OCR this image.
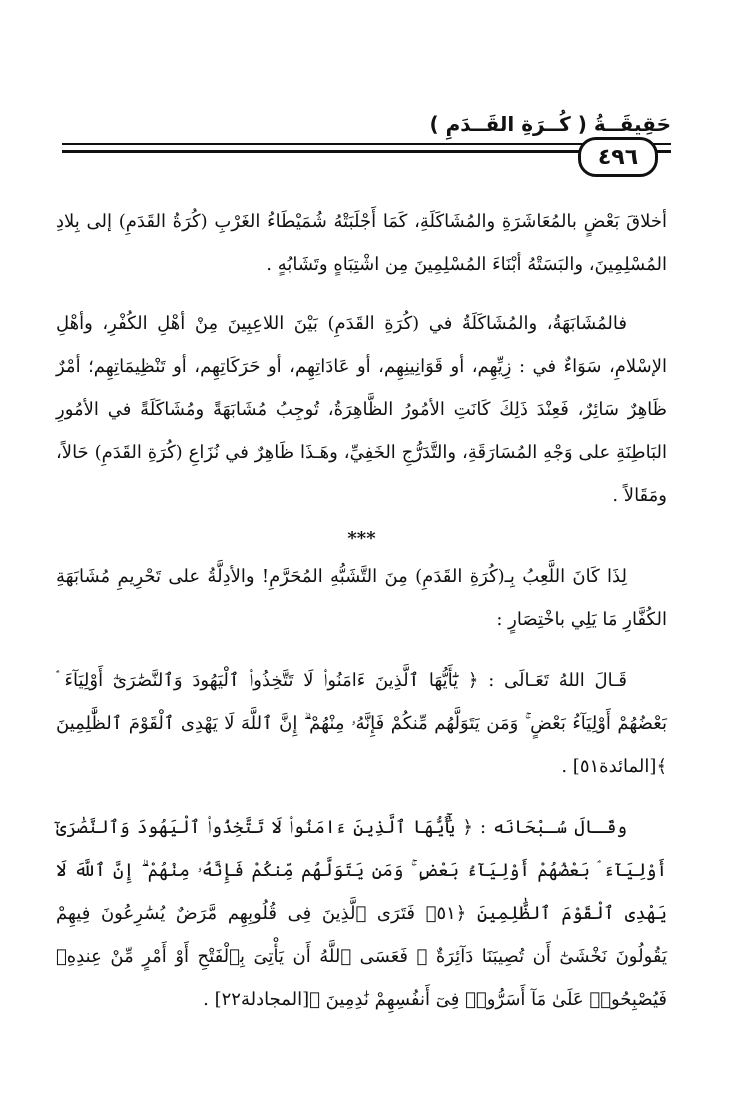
حَقِيقَــةُ ( كُــرَةِ القَــدَمِ )
٤٩٦

أخلاقَ بَعْضٍ بالمُعَاشَرَةِ والمُشَاكَلَةِ، كَمَا أَجْلَبَتْهُ شُمَيْطَاءُ الغَرْبِ (كُرَةُ القَدَمِ) إلى بِلادِ المُسْلِمِينَ، والبَسَتْهُ أبْنَاءَ المُسْلِمِينَ مِن اشْتِبَاهٍ وتَشَابُهٍ .

فالمُشَابَهَةُ، والمُشَاكَلَةُ في (كُرَةِ القَدَمِ) بَيْنَ اللاعِبِينَ مِنْ أهْلِ الكُفْرِ، وأهْلِ الإسْلامِ، سَوَاءٌ في : زِيِّهِم، أو قَوَانِينِهِم، أو عَادَاتِهِم، أو حَرَكَاتِهِم، أو تَنْظِيمَاتِهِم؛ أمْرٌ ظَاهِرٌ سَائِرٌ، فَعِنْدَ ذَلِكَ كَانَتِ الأمُورُ الظَّاهِرَةُ، تُوجِبُ مُشَابَهَةً ومُشَاكَلَةً في الأمُورِ البَاطِنَةِ على وَجْهِ المُسَارَقَةِ، والتَّدَرُّجِ الخَفِيِّ، وهَـذَا ظَاهِرٌ في نُزَاعِ (كُرَةِ القَدَمِ) حَالاً، ومَقَالاً .

***

لِذَا كَانَ اللَّعِبُ بِـ(كُرَةِ القَدَمِ) مِنَ التَّشَبُّهِ المُحَرَّمِ! والأدِلَّةُ على تَحْرِيمِ مُشَابَهَةِ الكُفَّارِ مَا يَلِي باخْتِصَارٍ :

قَـالَ اللهُ تَعَـالَى : ﴿ يَٰٓأَيُّهَا ٱلَّذِينَ ءَامَنُوا۟ لَا تَتَّخِذُوا۟ ٱلْيَهُودَ وَٱلنَّصَٰرَىٰٓ أَوْلِيَآءَ ۘ بَعْضُهُمْ أَوْلِيَآءُ بَعْضٍ ۚ وَمَن يَتَوَلَّهُم مِّنكُمْ فَإِنَّهُۥ مِنْهُمْ ۗ إِنَّ ٱللَّهَ لَا يَهْدِى ٱلْقَوْمَ ٱلظَّٰلِمِينَ ﴾[المائدة٥١] .

وقَـالَ سُـبْحَانَه : ﴿ يَٰٓأَيُّهَا ٱلَّذِينَ ءَامَنُوا۟ لَا تَتَّخِذُوا۟ ٱلْيَهُودَ وَٱلنَّصَٰرَىٰٓ أَوْلِيَآءَ ۘ بَعْضُهُمْ أَوْلِيَآءُ بَعْضٍ ۚ وَمَن يَتَوَلَّهُم مِّنكُمْ فَإِنَّهُۥ مِنْهُمْ ۗ إِنَّ ٱللَّهَ لَا يَهْدِى ٱلْقَوْمَ ٱلظَّٰلِمِينَ ﴿٥١﴾ فَتَرَى ٱلَّذِينَ فِى قُلُوبِهِم مَّرَضٌ يُسَٰرِعُونَ فِيهِمْ يَقُولُونَ نَخْشَىٰٓ أَن تُصِيبَنَا دَآئِرَةٌ ۚ فَعَسَى ٱللَّهُ أَن يَأْتِىَ بِٱلْفَتْحِ أَوْ أَمْرٍ مِّنْ عِندِهِۦ فَيُصْبِحُوا۟ عَلَىٰ مَآ أَسَرُّوا۟ فِىٓ أَنفُسِهِمْ نَٰدِمِينَ ﴾[المجادلة٢٢] .
